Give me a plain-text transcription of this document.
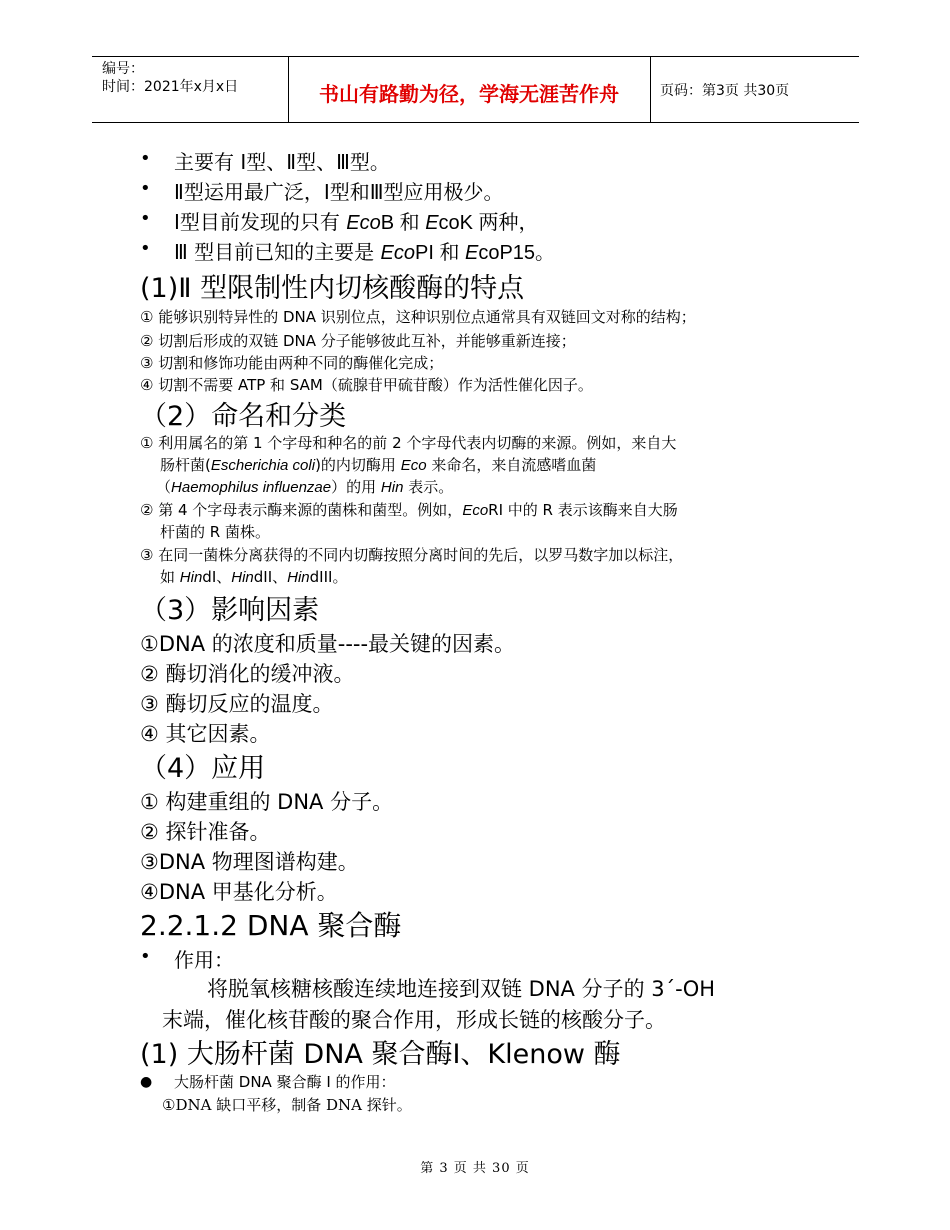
编号：
时间：2021年x月x日	书山有路勤为径，学海无涯苦作舟	页码：第3页 共30页
• 主要有 Ⅰ型、Ⅱ型、Ⅲ型。
• Ⅱ型运用最广泛，Ⅰ型和Ⅲ型应用极少。
• Ⅰ型目前发现的只有 EcoB 和 EcoK 两种，
• Ⅲ 型目前已知的主要是 EcoPI 和 EcoP15。
(1)Ⅱ 型限制性内切核酸酶的特点
① 能够识别特异性的 DNA 识别位点，这种识别位点通常具有双链回文对称的结构；
② 切割后形成的双链 DNA 分子能够彼此互补，并能够重新连接；
③ 切割和修饰功能由两种不同的酶催化完成；
④ 切割不需要 ATP 和 SAM（硫腺苷甲硫苷酸）作为活性催化因子。
（2）命名和分类
① 利用属名的第 1 个字母和种名的前 2 个字母代表内切酶的来源。例如，来自大
肠杆菌(Escherichia coli)的内切酶用 Eco 来命名，来自流感嗜血菌
（Haemophilus influenzae）的用 Hin 表示。
② 第 4 个字母表示酶来源的菌株和菌型。例如，EcoRI 中的 R 表示该酶来自大肠
杆菌的 R 菌株。
③ 在同一菌株分离获得的不同内切酶按照分离时间的先后，以罗马数字加以标注，
如 HindI、HindII、HindIII。
（3）影响因素
①DNA 的浓度和质量----最关键的因素。
② 酶切消化的缓冲液。
③ 酶切反应的温度。
④ 其它因素。
（4）应用
① 构建重组的 DNA 分子。
② 探针准备。
③DNA 物理图谱构建。
④DNA 甲基化分析。
2.2.1.2 DNA 聚合酶
• 作用：
将脱氧核糖核酸连续地连接到双链 DNA 分子的 3´-OH
末端，催化核苷酸的聚合作用，形成长链的核酸分子。
(1) 大肠杆菌 DNA 聚合酶Ⅰ、Klenow 酶
● 大肠杆菌 DNA 聚合酶 Ⅰ 的作用：
①DNA 缺口平移，制备 DNA 探针。
第 3 页 共 30 页
